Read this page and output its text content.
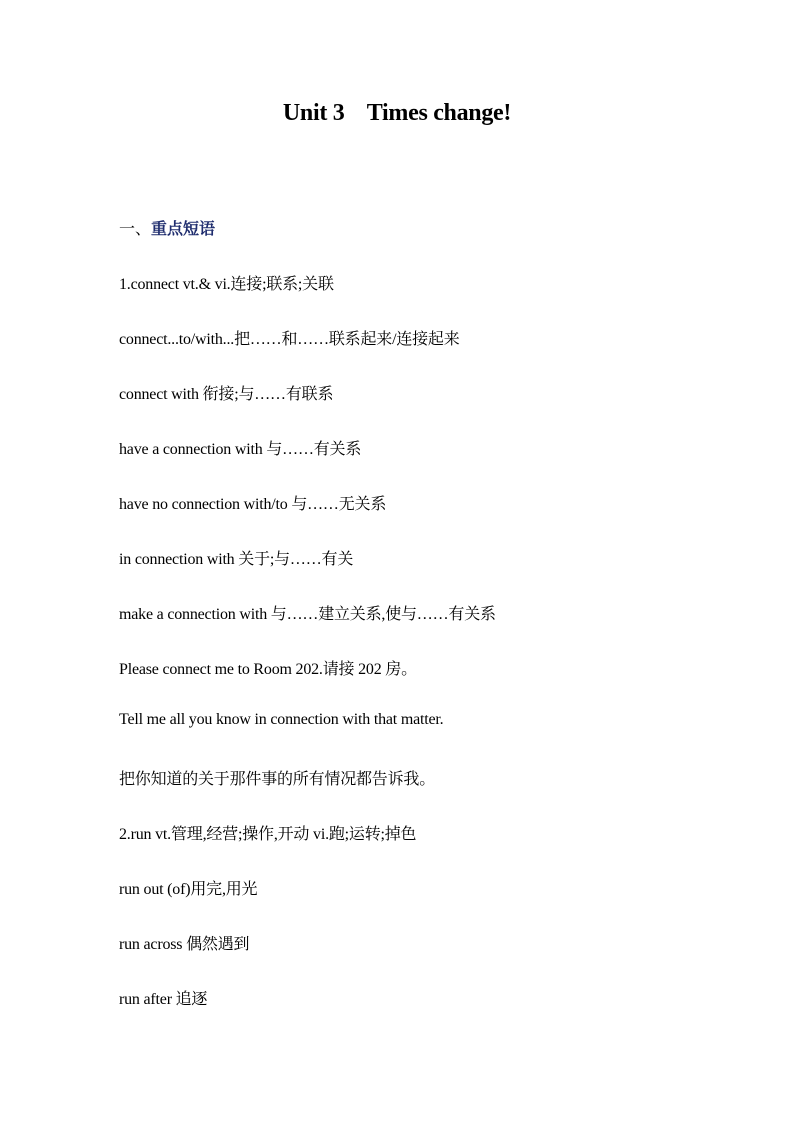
Unit 3    Times change!
一、重点短语
1.connect vt.& vi.连接;联系;关联
connect...to/with...把……和……联系起来/连接起来
connect with 衔接;与……有联系
have a connection with 与……有关系
have no connection with/to 与……无关系
in connection with 关于;与……有关
make a connection with 与……建立关系,使与……有关系
Please connect me to Room 202.请接 202 房。
Tell me all you know in connection with that matter.
把你知道的关于那件事的所有情况都告诉我。
2.run vt.管理,经营;操作,开动 vi.跑;运转;掉色
run out (of)用完,用光
run across 偶然遇到
run after 追逐
